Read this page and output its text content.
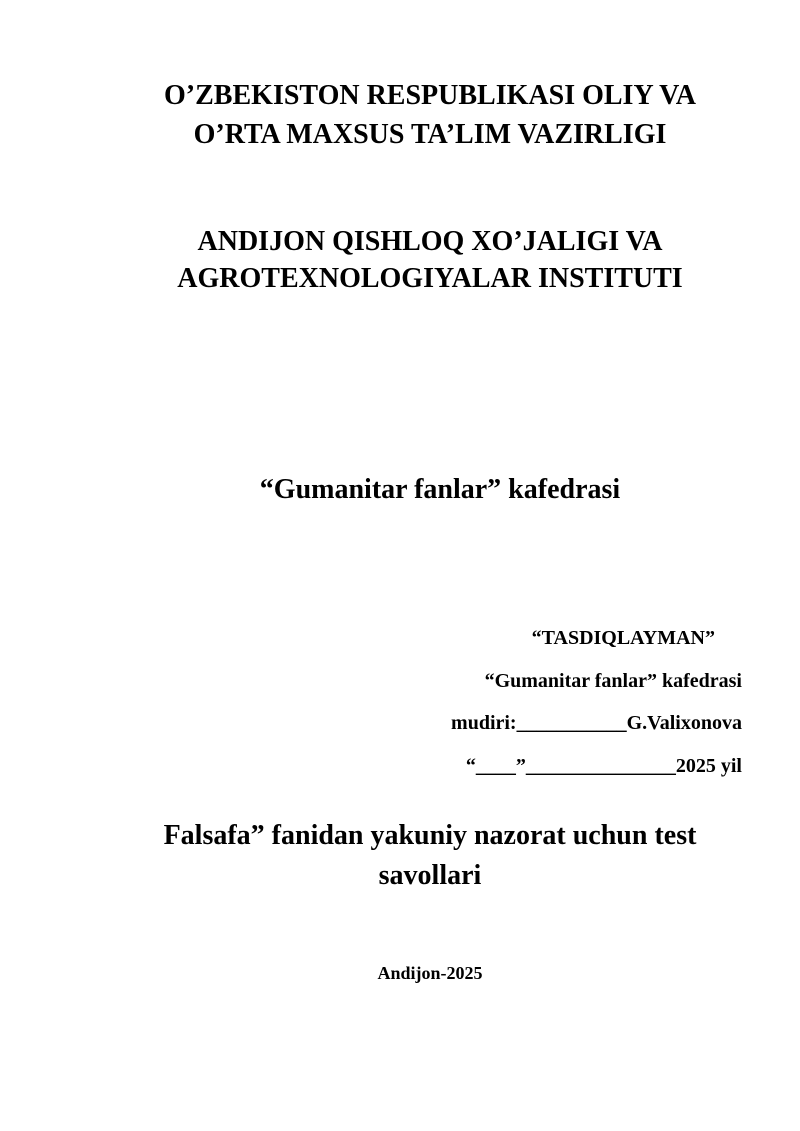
O’ZBEKISTON RESPUBLIKASI OLIY VA
O’RTA MAXSUS TA’LIM VAZIRLIGI
ANDIJON QISHLOQ XO’JALIGI VA
AGROTEXNOLOGIYALAR INSTITUTI
“Gumanitar fanlar” kafedrasi
“TASDIQLAYMAN”
“Gumanitar fanlar” kafedrasi
mudiri:___________G.Valixonova
“____”_______________2025 yil
Falsafa” fanidan yakuniy nazorat uchun test
savollari
Andijon-2025
